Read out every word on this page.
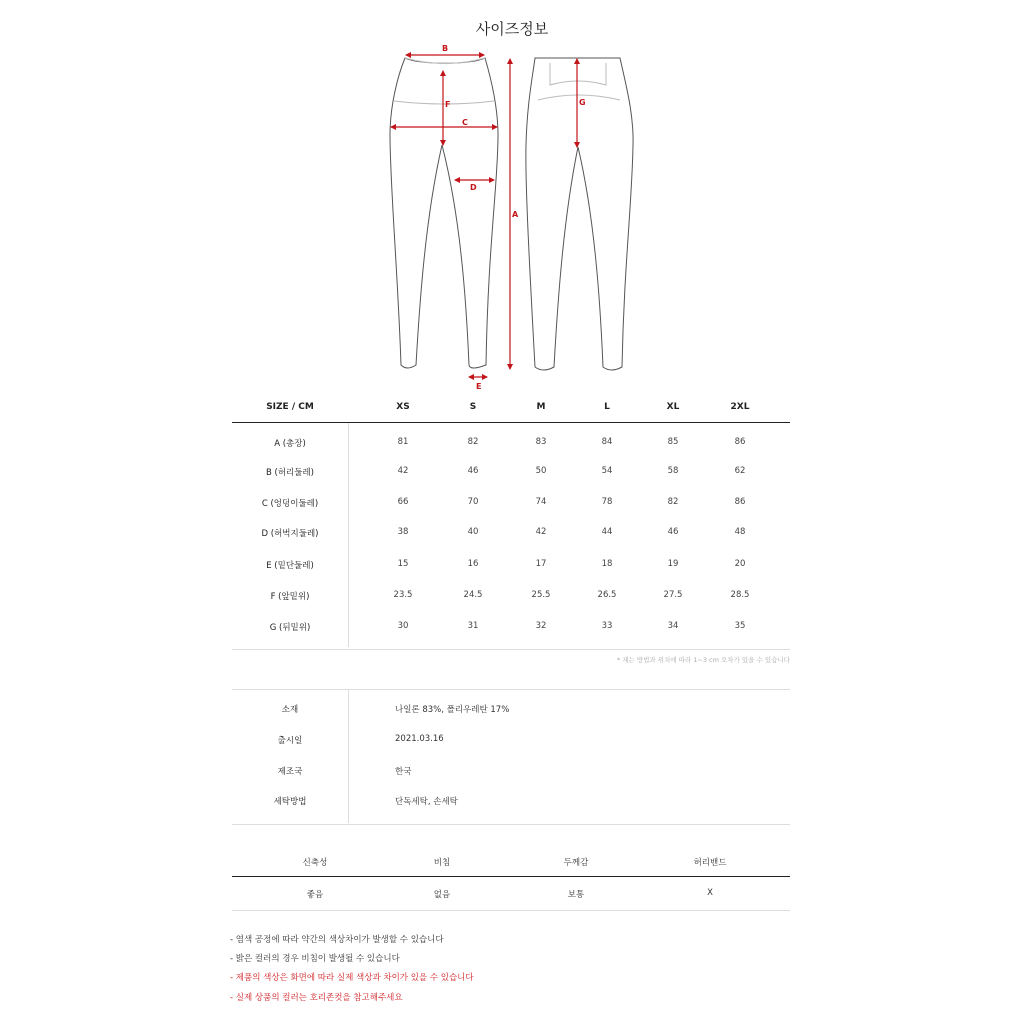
사이즈정보
B
F
C
D
E
A
G
SIZE / CM	XS	S	M	L	XL	2XL
A (총장)	81	82	83	84	85	86
B (허리둘레)	42	46	50	54	58	62
C (엉덩이둘레)	66	70	74	78	82	86
D (허벅지둘레)	38	40	42	44	46	48
E (밑단둘레)	15	16	17	18	19	20
F (앞밑위)	23.5	24.5	25.5	26.5	27.5	28.5
G (뒤밑위)	30	31	32	33	34	35
* 재는 방법과 위치에 따라 1~3 cm 오차가 있을 수 있습니다
소재	나일론 83%, 폴리우레탄 17%
출시일	2021.03.16
제조국	한국
세탁방법	단독세탁, 손세탁
신축성	비침	두께감	허리밴드
좋음	없음	보통	X
- 염색 공정에 따라 약간의 색상차이가 발생할 수 있습니다
- 밝은 컬러의 경우 비침이 발생될 수 있습니다
- 제품의 색상은 화면에 따라 실제 색상과 차이가 있을 수 있습니다
- 실제 상품의 컬러는 호리존컷을 참고해주세요
